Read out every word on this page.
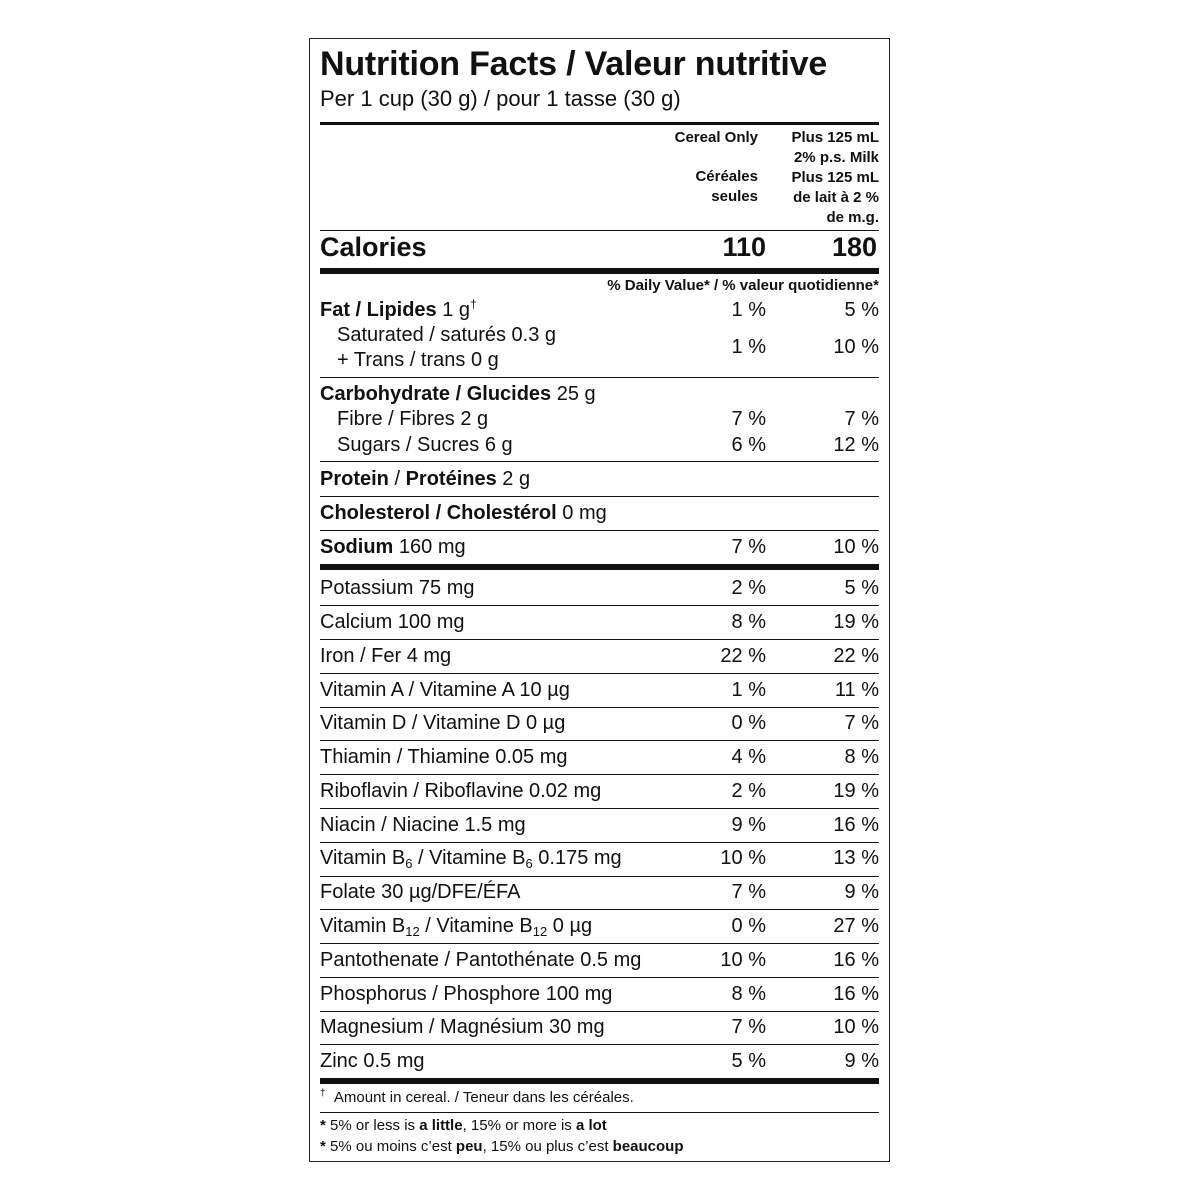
Nutrition Facts / Valeur nutritive
Per 1 cup (30 g) / pour 1 tasse (30 g)
Cereal Only
Céréales
seules
Plus 125 mL
2% p.s. Milk
Plus 125 mL
de lait à 2 %
de m.g.
Calories	110 180
% Daily Value* / % valeur quotidienne*
Fat / Lipides 1 g†	1 %	5 %
Saturated / saturés 0.3 g
+ Trans / trans 0 g
1 %	10 %
Carbohydrate / Glucides 25 g
Fibre / Fibres 2 g	7 %	7 %
Sugars / Sucres 6 g	6 %	12 %
Protein / Protéines 2 g
Cholesterol / Cholestérol 0 mg
Sodium 160 mg	7 %	10 %
Potassium 75 mg	2 %	5 %
Calcium 100 mg	8 %	19 %
Iron / Fer 4 mg	22 %	22 %
Vitamin A / Vitamine A 10 µg	1 %	11 %
Vitamin D / Vitamine D 0 µg	0 %	7 %
Thiamin / Thiamine 0.05 mg	4 %	8 %
Riboflavin / Riboflavine 0.02 mg	2 %	19 %
Niacin / Niacine 1.5 mg	9 %	16 %
Vitamin $B_6$ / Vitamine $B_6$ 0.175 mg	10 %	13 %
Folate 30 µg/DFE/ÉFA	7 %	9 %
Vitamin $B_{12}$ / Vitamine $B_{12}$ 0 µg	0 %	27 %
Pantothenate / Pantothénate 0.5 mg	10 %	16 %
Phosphorus / Phosphore 100 mg	8 %	16 %
Magnesium / Magnésium 30 mg	7 %	10 %
Zinc 0.5 mg	5 %	9 %
† Amount in cereal. / Teneur dans les céréales.
* 5% or less is a little, 15% or more is a lot
* 5% ou moins c’est peu, 15% ou plus c’est beaucoup
